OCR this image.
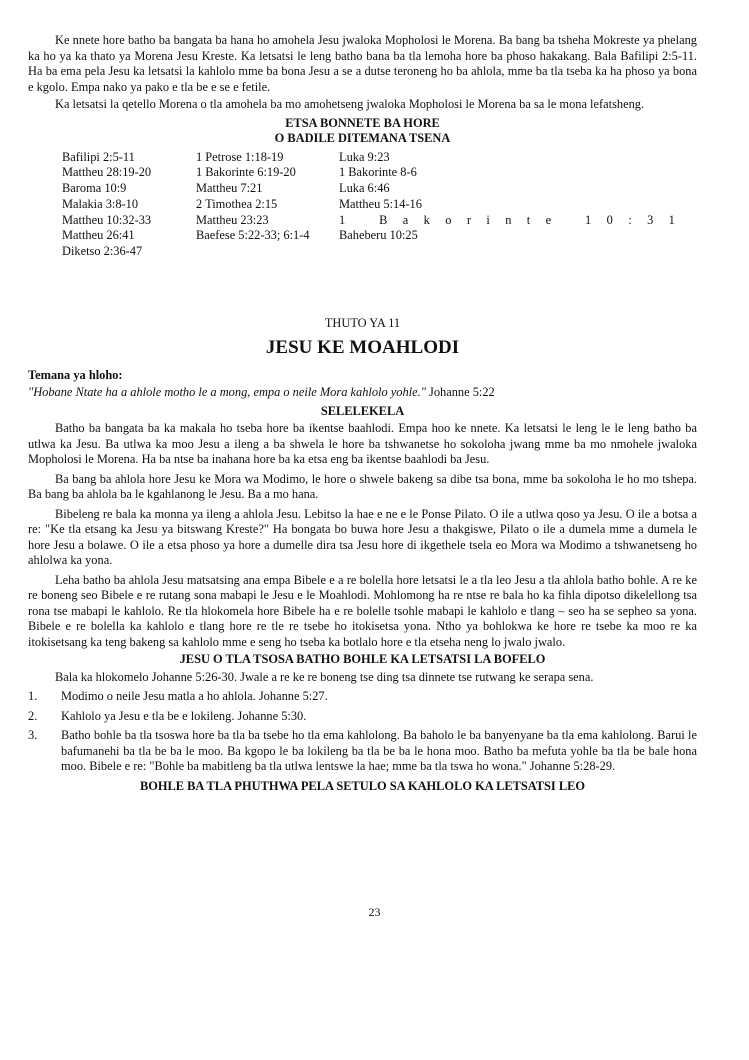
Ke nnete hore batho ba bangata ba hana ho amohela Jesu jwaloka Mopholosi le Morena. Ba bang ba tsheha Mokreste ya phelang ka ho ya ka thato ya Morena Jesu Kreste. Ka letsatsi le leng batho bana ba tla lemoha hore ba phoso hakakang. Bala Bafilipi 2:5-11. Ha ba ema pela Jesu ka letsatsi la kahlolo mme ba bona Jesu a se a dutse teroneng ho ba ahlola, mme ba tla tseba ka ha phoso ya bona e kgolo. Empa nako ya pako e tla be e se e fetile.

Ka letsatsi la qetello Morena o tla amohela ba mo amohetseng jwaloka Mopholosi le Morena ba sa le mona lefatsheng.

ETSA BONNETE BA HORE

O BADILE DITEMANA TSENA

Bafilipi 2:5-11	1 Petrose 1:18-19	Luka 9:23
Mattheu 28:19-20	1 Bakorinte 6:19-20	1 Bakorinte 8-6
Baroma 10:9	Mattheu 7:21	Luka 6:46
Malakia 3:8-10	2 Timothea 2:15	Mattheu 5:14-16
Mattheu 10:32-33	Mattheu 23:23	1 Bakorinte 10:31
Mattheu 26:41	Baefese 5:22-33; 6:1-4	Baheberu 10:25
Diketso 2:36-47		
THUTO YA 11
JESU KE MOAHLODI

Temana ya hloho:

"Hobane Ntate ha a ahlole motho le a mong, empa o neile Mora kahlolo yohle." Johanne 5:22

SELELEKELA

Batho ba bangata ba ka makala ho tseba hore ba ikentse baahlodi. Empa hoo ke nnete. Ka letsatsi le leng le le leng batho ba utlwa ka Jesu. Ba utlwa ka moo Jesu a ileng a ba shwela le hore ba tshwanetse ho sokoloha jwang mme ba mo nmohele jwaloka Mopholosi le Morena. Ha ba ntse ba inahana hore ba ka etsa eng ba ikentse baahlodi ba Jesu.

Ba bang ba ahlola hore Jesu ke Mora wa Modimo, le hore o shwele bakeng sa dibe tsa bona, mme ba sokoloha le ho mo tshepa. Ba bang ba ahlola ba le kgahlanong le Jesu. Ba a mo hana.

Bibeleng re bala ka monna ya ileng a ahlola Jesu. Lebitso la hae e ne e le Ponse Pilato. O ile a utlwa qoso ya Jesu. O ile a botsa a re: "Ke tla etsang ka Jesu ya bitswang Kreste?" Ha bongata bo buwa hore Jesu a thakgiswe, Pilato o ile a dumela mme a dumela le hore Jesu a bolawe. O ile a etsa phoso ya hore a dumelle dira tsa Jesu hore di ikgethele tsela eo Mora wa Modimo a tshwanetseng ho ahlolwa ka yona.

Leha batho ba ahlola Jesu matsatsing ana empa Bibele e a re bolella hore letsatsi le a tla leo Jesu a tla ahlola batho bohle. A re ke re boneng seo Bibele e re rutang sona mabapi le Jesu e le Moahlodi. Mohlomong ha re ntse re bala ho ka fihla dipotso dikelellong tsa rona tse mabapi le kahlolo. Re tla hlokomela hore Bibele ha e re bolelle tsohle mabapi le kahlolo e tlang – seo ha se sepheo sa yona. Bibele e re bolella ka kahlolo e tlang hore re tle re tsebe ho itokisetsa yona. Ntho ya bohlokwa ke hore re tsebe ka moo re ka itokisetsang ka teng bakeng sa kahlolo mme e seng ho tseba ka botlalo hore e tla etseha neng lo jwalo jwalo.

JESU O TLA TSOSA BATHO BOHLE KA LETSATSI LA BOFELO

Bala ka hlokomelo Johanne 5:26-30. Jwale a re ke re boneng tse ding tsa dinnete tse rutwang ke serapa sena.

1.	Modimo o neile Jesu matla a ho ahlola. Johanne 5:27.
2.	Kahlolo ya Jesu e tla be e lokileng. Johanne 5:30.
3.	Batho bohle ba tla tsoswa hore ba tla ba tsebe ho tla ema kahlolong. Ba baholo le ba banyenyane ba tla ema kahlolong. Barui le bafumanehi ba tla be ba le moo. Ba kgopo le ba lokileng ba tla be ba le hona moo. Batho ba mefuta yohle ba tla be bale hona moo. Bibele e re: "Bohle ba mabitleng ba tla utlwa lentswe la hae; mme ba tla tswa ho wona." Johanne 5:28-29.

BOHLE BA TLA PHUTHWA PELA SETULO SA KAHLOLO KA LETSATSI LEO

23
